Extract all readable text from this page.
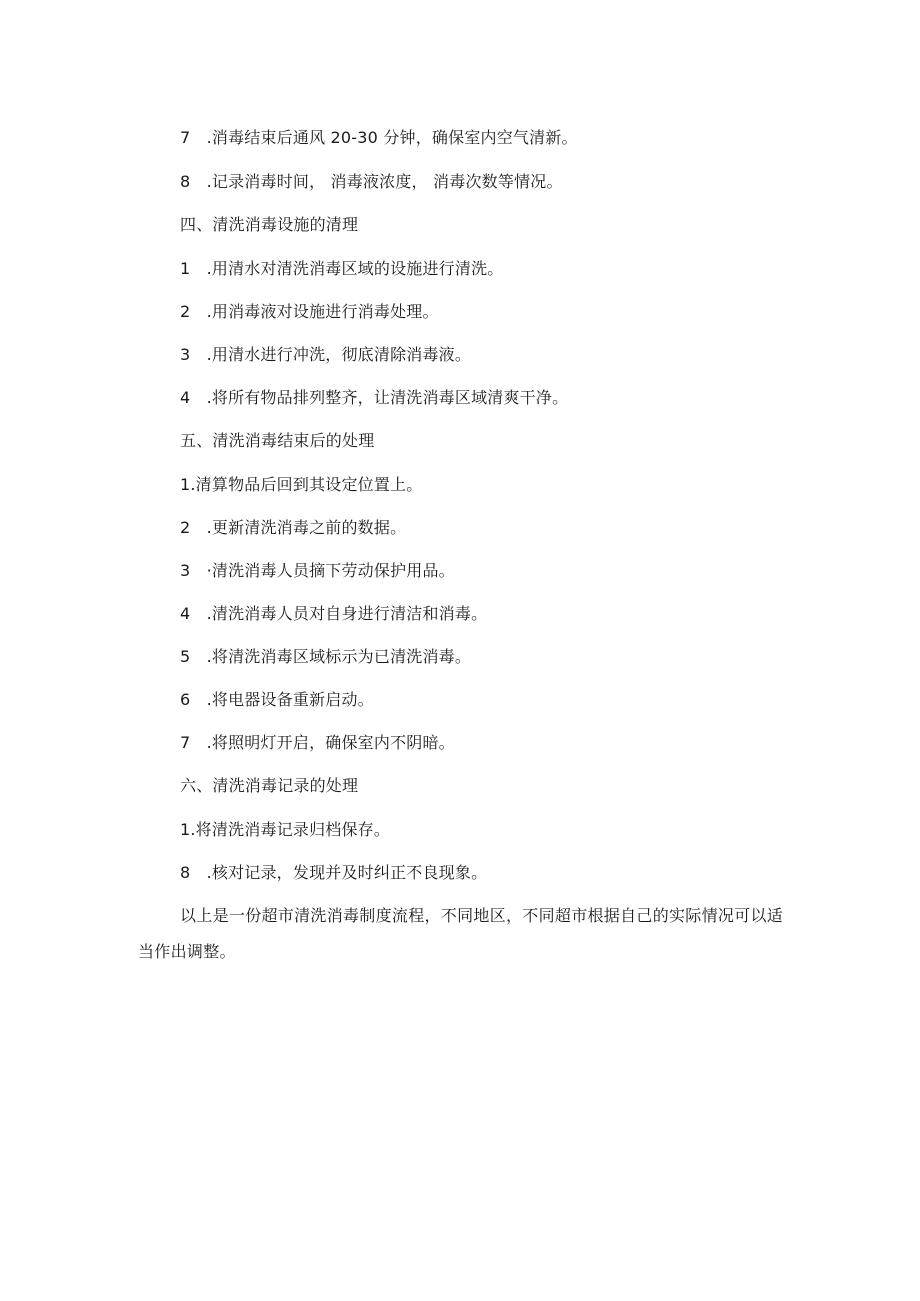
7　.消毒结束后通风 20-30 分钟，确保室内空气清新。
8　.记录消毒时间， 消毒液浓度， 消毒次数等情况。
四、清洗消毒设施的清理
1　.用清水对清洗消毒区域的设施进行清洗。
2　.用消毒液对设施进行消毒处理。
3　.用清水进行冲洗，彻底清除消毒液。
4　.将所有物品排列整齐，让清洗消毒区域清爽干净。
五、清洗消毒结束后的处理
1.清算物品后回到其设定位置上。
2　.更新清洗消毒之前的数据。
3　·清洗消毒人员摘下劳动保护用品。
4　.清洗消毒人员对自身进行清洁和消毒。
5　.将清洗消毒区域标示为已清洗消毒。
6　.将电器设备重新启动。
7　.将照明灯开启，确保室内不阴暗。
六、清洗消毒记录的处理
1.将清洗消毒记录归档保存。
8　.核对记录，发现并及时纠正不良现象。
以上是一份超市清洗消毒制度流程，不同地区，不同超市根据自己的实际情况可以适当作出调整。
